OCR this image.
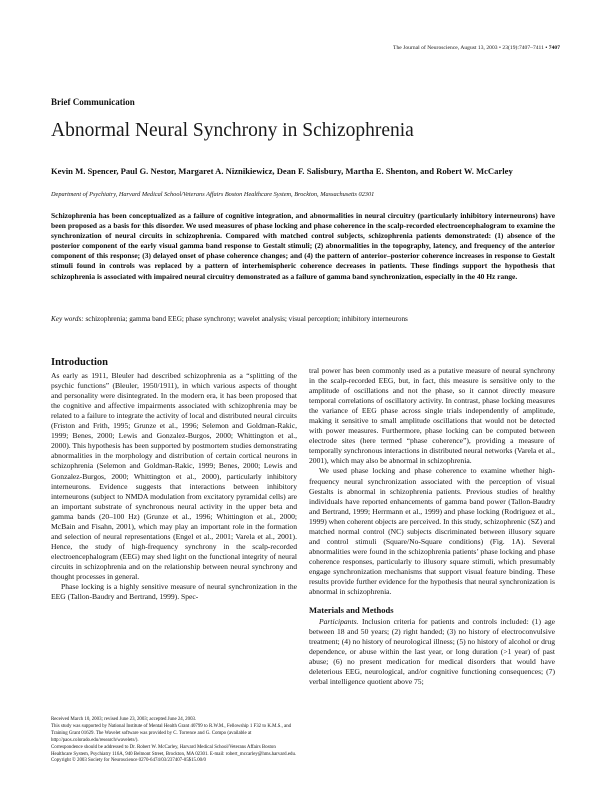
The Journal of Neuroscience, August 13, 2003 • 23(19):7407–7411 • 7407
Brief Communication
Abnormal Neural Synchrony in Schizophrenia
Kevin M. Spencer, Paul G. Nestor, Margaret A. Niznikiewicz, Dean F. Salisbury, Martha E. Shenton, and Robert W. McCarley
Department of Psychiatry, Harvard Medical School/Veterans Affairs Boston Healthcare System, Brockton, Massachusetts 02301
Schizophrenia has been conceptualized as a failure of cognitive integration, and abnormalities in neural circuitry (particularly inhibitory interneurons) have been proposed as a basis for this disorder. We used measures of phase locking and phase coherence in the scalp-recorded electroencephalogram to examine the synchronization of neural circuits in schizophrenia. Compared with matched control subjects, schizophrenia patients demonstrated: (1) absence of the posterior component of the early visual gamma band response to Gestalt stimuli; (2) abnormalities in the topography, latency, and frequency of the anterior component of this response; (3) delayed onset of phase coherence changes; and (4) the pattern of anterior–posterior coherence increases in response to Gestalt stimuli found in controls was replaced by a pattern of interhemispheric coherence decreases in patients. These findings support the hypothesis that schizophrenia is associated with impaired neural circuitry demonstrated as a failure of gamma band synchronization, especially in the 40 Hz range.
Key words: schizophrenia; gamma band EEG; phase synchrony; wavelet analysis; visual perception; inhibitory interneurons
Introduction

As early as 1911, Bleuler had described schizophrenia as a “splitting of the psychic functions” (Bleuler, 1950/1911), in which various aspects of thought and personality were disintegrated. In the modern era, it has been proposed that the cognitive and affective impairments associated with schizophrenia may be related to a failure to integrate the activity of local and distributed neural circuits (Friston and Frith, 1995; Grunze et al., 1996; Selemon and Goldman-Rakic, 1999; Benes, 2000; Lewis and Gonzalez-Burgos, 2000; Whittington et al., 2000). This hypothesis has been supported by postmortem studies demonstrating abnormalities in the morphology and distribution of certain cortical neurons in schizophrenia (Selemon and Goldman-Rakic, 1999; Benes, 2000; Lewis and Gonzalez-Burgos, 2000; Whittington et al., 2000), particularly inhibitory interneurons. Evidence suggests that interactions between inhibitory interneurons (subject to NMDA modulation from excitatory pyramidal cells) are an important substrate of synchronous neural activity in the upper beta and gamma bands (20–100 Hz) (Grunze et al., 1996; Whittington et al., 2000; McBain and Fisahn, 2001), which may play an important role in the formation and selection of neural representations (Engel et al., 2001; Varela et al., 2001). Hence, the study of high-frequency synchrony in the scalp-recorded electroencephalogram (EEG) may shed light on the functional integrity of neural circuits in schizophrenia and on the relationship between neural synchrony and thought processes in general.

Phase locking is a highly sensitive measure of neural synchronization in the EEG (Tallon-Baudry and Bertrand, 1999). Spec-

Received March 10, 2003; revised June 23, 2003; accepted June 24, 2003.

This study was supported by National Institute of Mental Health Grant 40799 to R.W.M., Fellowship 1 F32 to K.M.S., and Training Grant 01629. The Wavelet software was provided by C. Torrence and G. Compo (available at http://paos.colorado.edu/research/wavelets/).

Correspondence should be addressed to Dr. Robert W. McCarley, Harvard Medical School/Veterans Affairs Boston Healthcare System, Psychiatry 116A, 940 Belmont Street, Brockton, MA 02301. E-mail: robert_mccarley@hms.harvard.edu.

Copyright © 2003 Society for Neuroscience 0270-6474/03/237407-05$15.00/0

tral power has been commonly used as a putative measure of neural synchrony in the scalp-recorded EEG, but, in fact, this measure is sensitive only to the amplitude of oscillations and not the phase, so it cannot directly measure temporal correlations of oscillatory activity. In contrast, phase locking measures the variance of EEG phase across single trials independently of amplitude, making it sensitive to small amplitude oscillations that would not be detected with power measures. Furthermore, phase locking can be computed between electrode sites (here termed “phase coherence”), providing a measure of temporally synchronous interactions in distributed neural networks (Varela et al., 2001), which may also be abnormal in schizophrenia.

We used phase locking and phase coherence to examine whether high-frequency neural synchronization associated with the perception of visual Gestalts is abnormal in schizophrenia patients. Previous studies of healthy individuals have reported enhancements of gamma band power (Tallon-Baudry and Bertrand, 1999; Herrmann et al., 1999) and phase locking (Rodriguez et al., 1999) when coherent objects are perceived. In this study, schizophrenic (SZ) and matched normal control (NC) subjects discriminated between illusory square and control stimuli (Square/No-Square conditions) (Fig. 1A). Several abnormalities were found in the schizophrenia patients’ phase locking and phase coherence responses, particularly to illusory square stimuli, which presumably engage synchronization mechanisms that support visual feature binding. These results provide further evidence for the hypothesis that neural synchronization is abnormal in schizophrenia.

Materials and Methods

Participants. Inclusion criteria for patients and controls included: (1) age between 18 and 50 years; (2) right handed; (3) no history of electroconvulsive treatment; (4) no history of neurological illness; (5) no history of alcohol or drug dependence, or abuse within the last year, or long duration (>1 year) of past abuse; (6) no present medication for medical disorders that would have deleterious EEG, neurological, and/or cognitive functioning consequences; (7) verbal intelligence quotient above 75;
